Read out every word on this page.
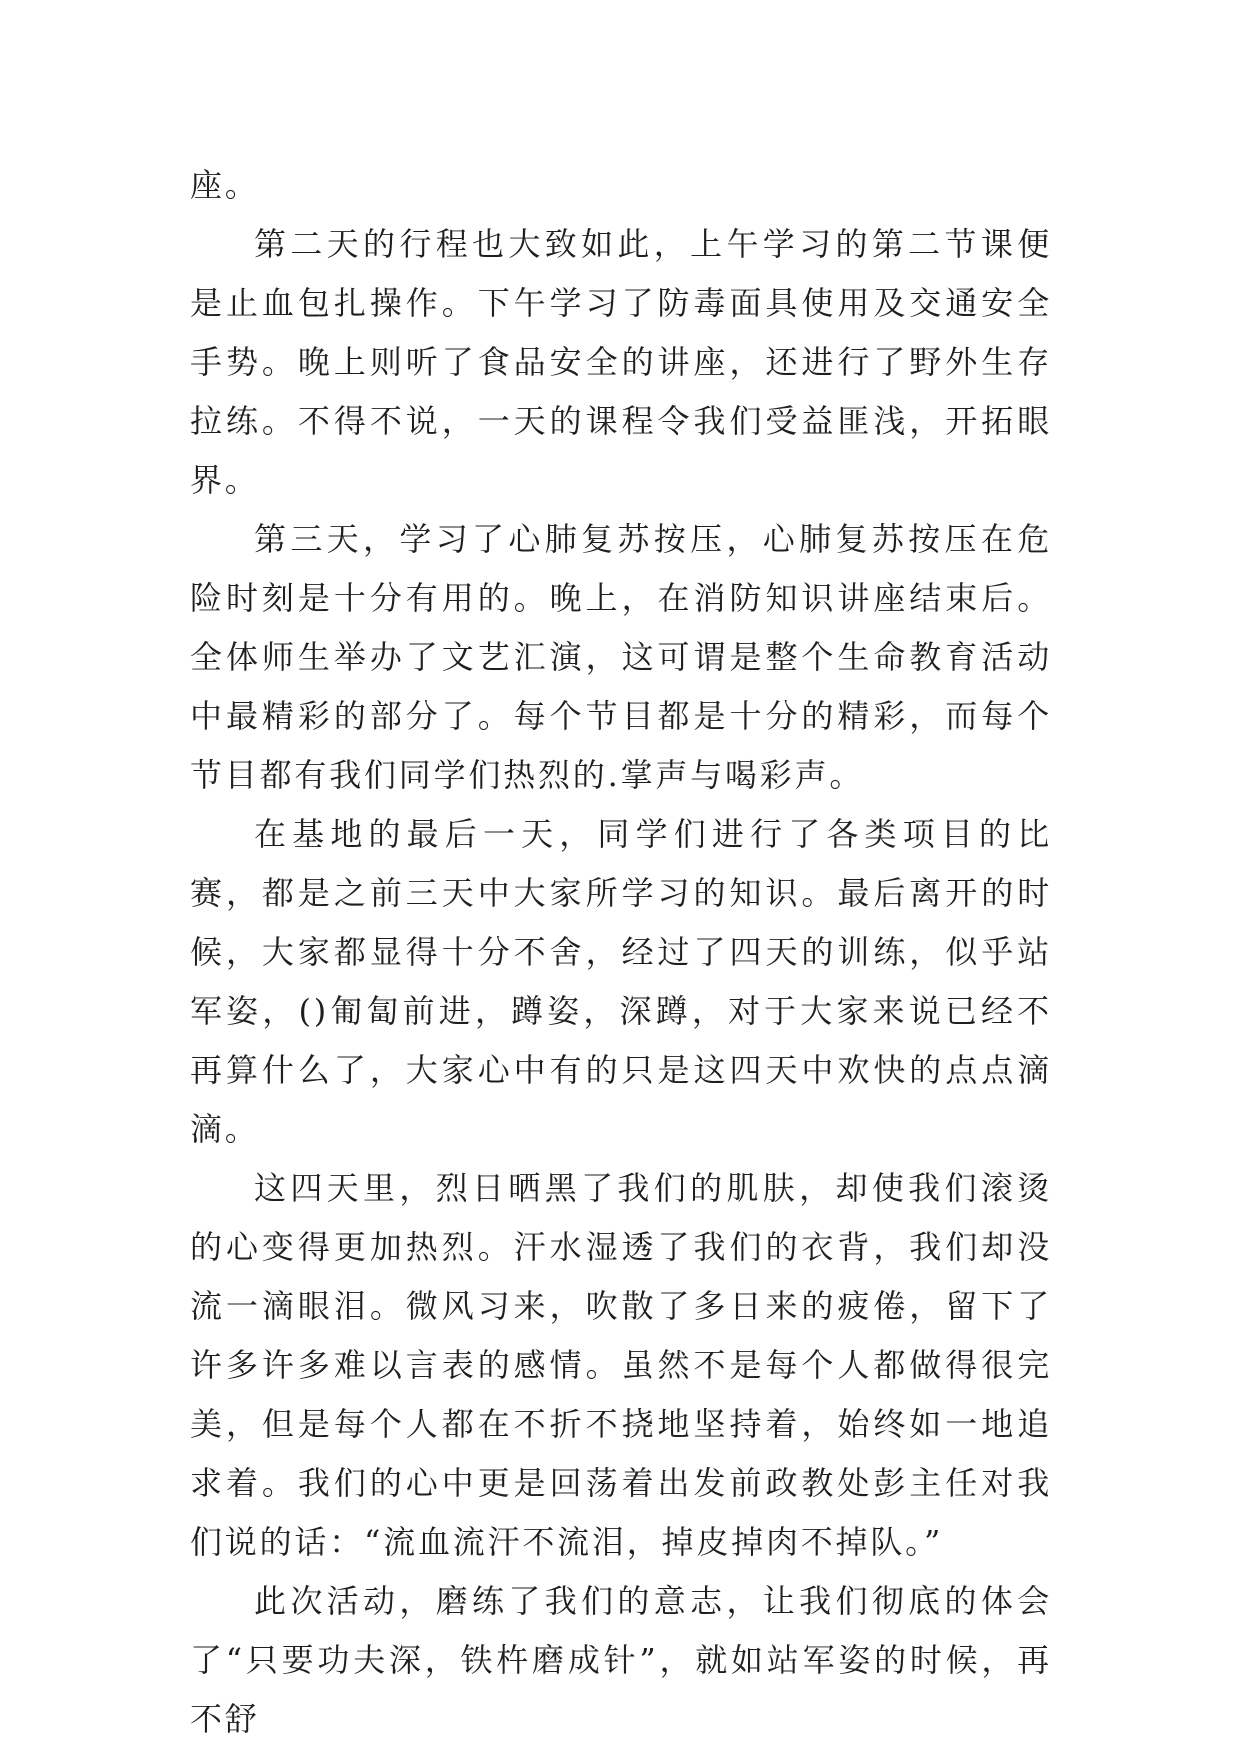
座。

第二天的行程也大致如此，上午学习的第二节课便是止血包扎操作。下午学习了防毒面具使用及交通安全手势。晚上则听了食品安全的讲座，还进行了野外生存拉练。不得不说，一天的课程令我们受益匪浅，开拓眼界。

第三天，学习了心肺复苏按压，心肺复苏按压在危险时刻是十分有用的。晚上，在消防知识讲座结束后。全体师生举办了文艺汇演，这可谓是整个生命教育活动中最精彩的部分了。每个节目都是十分的精彩，而每个节目都有我们同学们热烈的.掌声与喝彩声。

在基地的最后一天，同学们进行了各类项目的比赛，都是之前三天中大家所学习的知识。最后离开的时候，大家都显得十分不舍，经过了四天的训练，似乎站军姿，()匍匐前进，蹲姿，深蹲，对于大家来说已经不再算什么了，大家心中有的只是这四天中欢快的点点滴滴。

这四天里，烈日晒黑了我们的肌肤，却使我们滚烫的心变得更加热烈。汗水湿透了我们的衣背，我们却没流一滴眼泪。微风习来，吹散了多日来的疲倦，留下了许多许多难以言表的感情。虽然不是每个人都做得很完美，但是每个人都在不折不挠地坚持着，始终如一地追求着。我们的心中更是回荡着出发前政教处彭主任对我们说的话：“流血流汗不流泪，掉皮掉肉不掉队。”

此次活动，磨练了我们的意志，让我们彻底的体会了“只要功夫深，铁杵磨成针”，就如站军姿的时候，再不舒
